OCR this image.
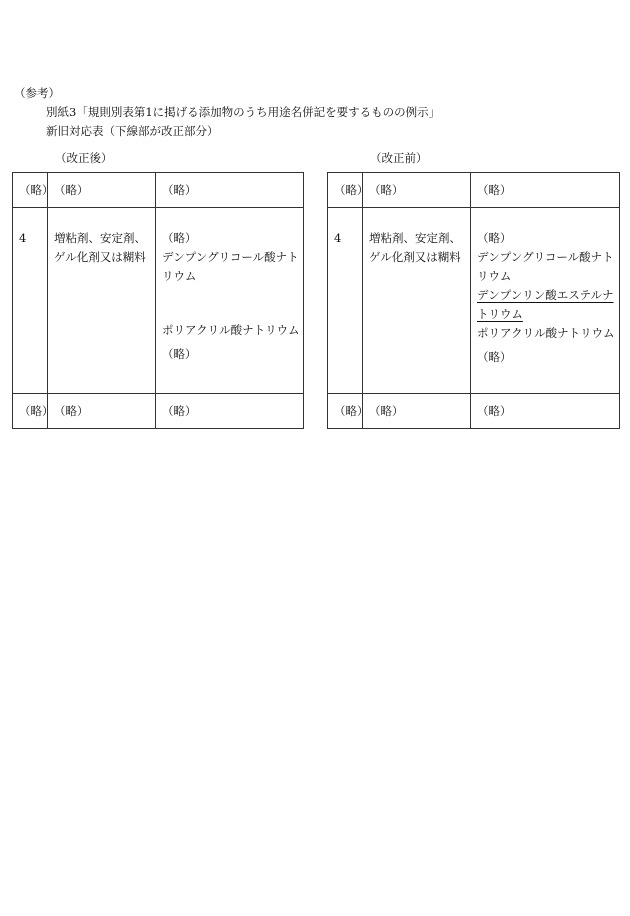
（参考）
別紙3「規則別表第1に掲げる添加物のうち用途名併記を要するものの例示」
新旧対応表（下線部が改正部分）
（改正後）	（改正前）
（略）	（略）	（略）
4	増粘剤、安定剤、ゲル化剤又は糊料	（略）
デンプングリコール酸ナトリウム
ポリアクリル酸ナトリウム
（略）

（略）	（略）	（略）
（略）	（略）	（略）
4	増粘剤、安定剤、ゲル化剤又は糊料	（略）
デンプングリコール酸ナトリウム
デンプンリン酸エステルナトリウム
ポリアクリル酸ナトリウム
（略）

（略）	（略）	（略）
